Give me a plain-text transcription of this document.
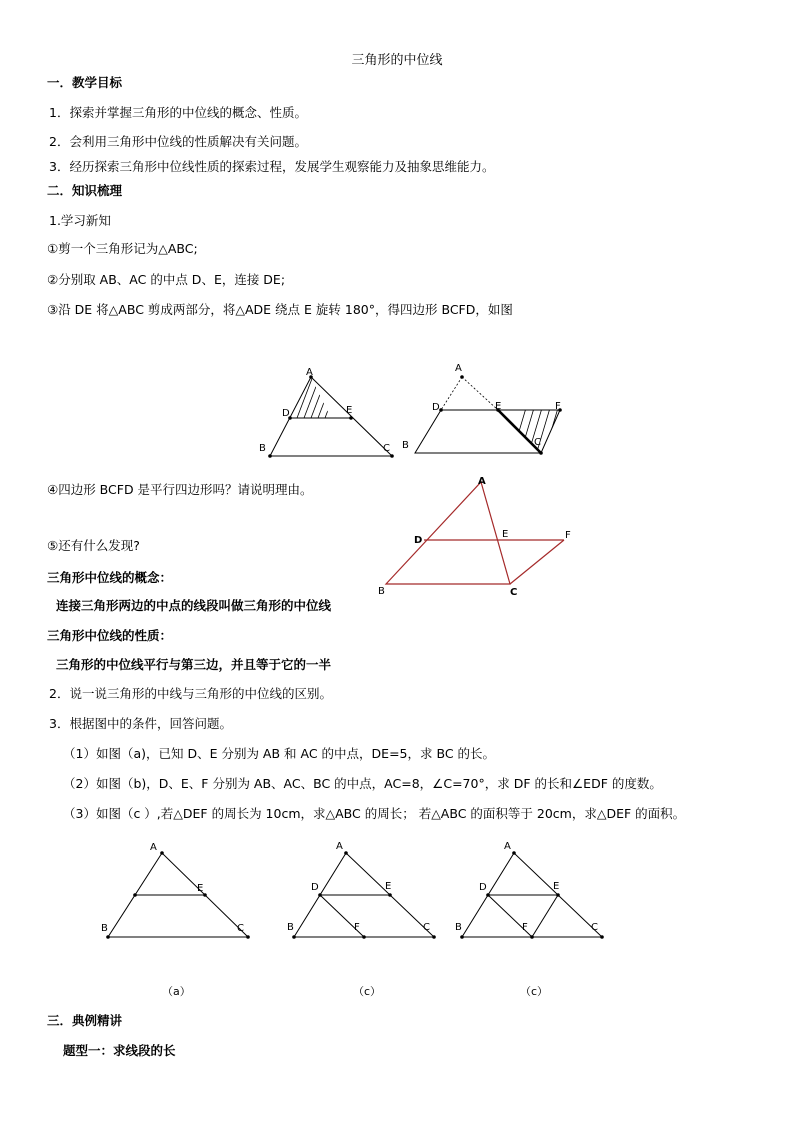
三角形的中位线
一．教学目标
1．探索并掌握三角形的中位线的概念、性质。
2．会利用三角形中位线的性质解决有关问题。
3．经历探索三角形中位线性质的探索过程，发展学生观察能力及抽象思维能力。
二．知识梳理
1.学习新知
①剪一个三角形记为△ABC;
②分别取 AB、AC 的中点 D、E，连接 DE;
③沿 DE 将△ABC 剪成两部分，将△ADE 绕点 E 旋转 180°，得四边形 BCFD，如图
A
D	E
B	C
A
D	E	F
B	C
④四边形 BCFD 是平行四边形吗？请说明理由。
A
D
E	F
B	C
⑤还有什么发现?
三角形中位线的概念：
连接三角形两边的中点的线段叫做三角形的中位线
三角形中位线的性质：
三角形的中位线平行与第三边，并且等于它的一半
2．说一说三角形的中线与三角形的中位线的区别。
3．根据图中的条件，回答问题。
（1）如图（a)，已知 D、E 分别为 AB 和 AC 的中点，DE=5，求 BC 的长。
（2）如图（b)，D、E、F 分别为 AB、AC、BC 的中点，AC=8，∠C=70°，求 DF 的长和∠EDF 的度数。
（3）如图（c ）,若△DEF 的周长为 10cm，求△ABC 的周长； 若△ABC 的面积等于 20cm，求△DEF 的面积。
A
E
B	C
A
D	E
B	F	C
A
D	E
B	F	C
（a）	（c）	（c）
三．典例精讲
题型一：求线段的长
